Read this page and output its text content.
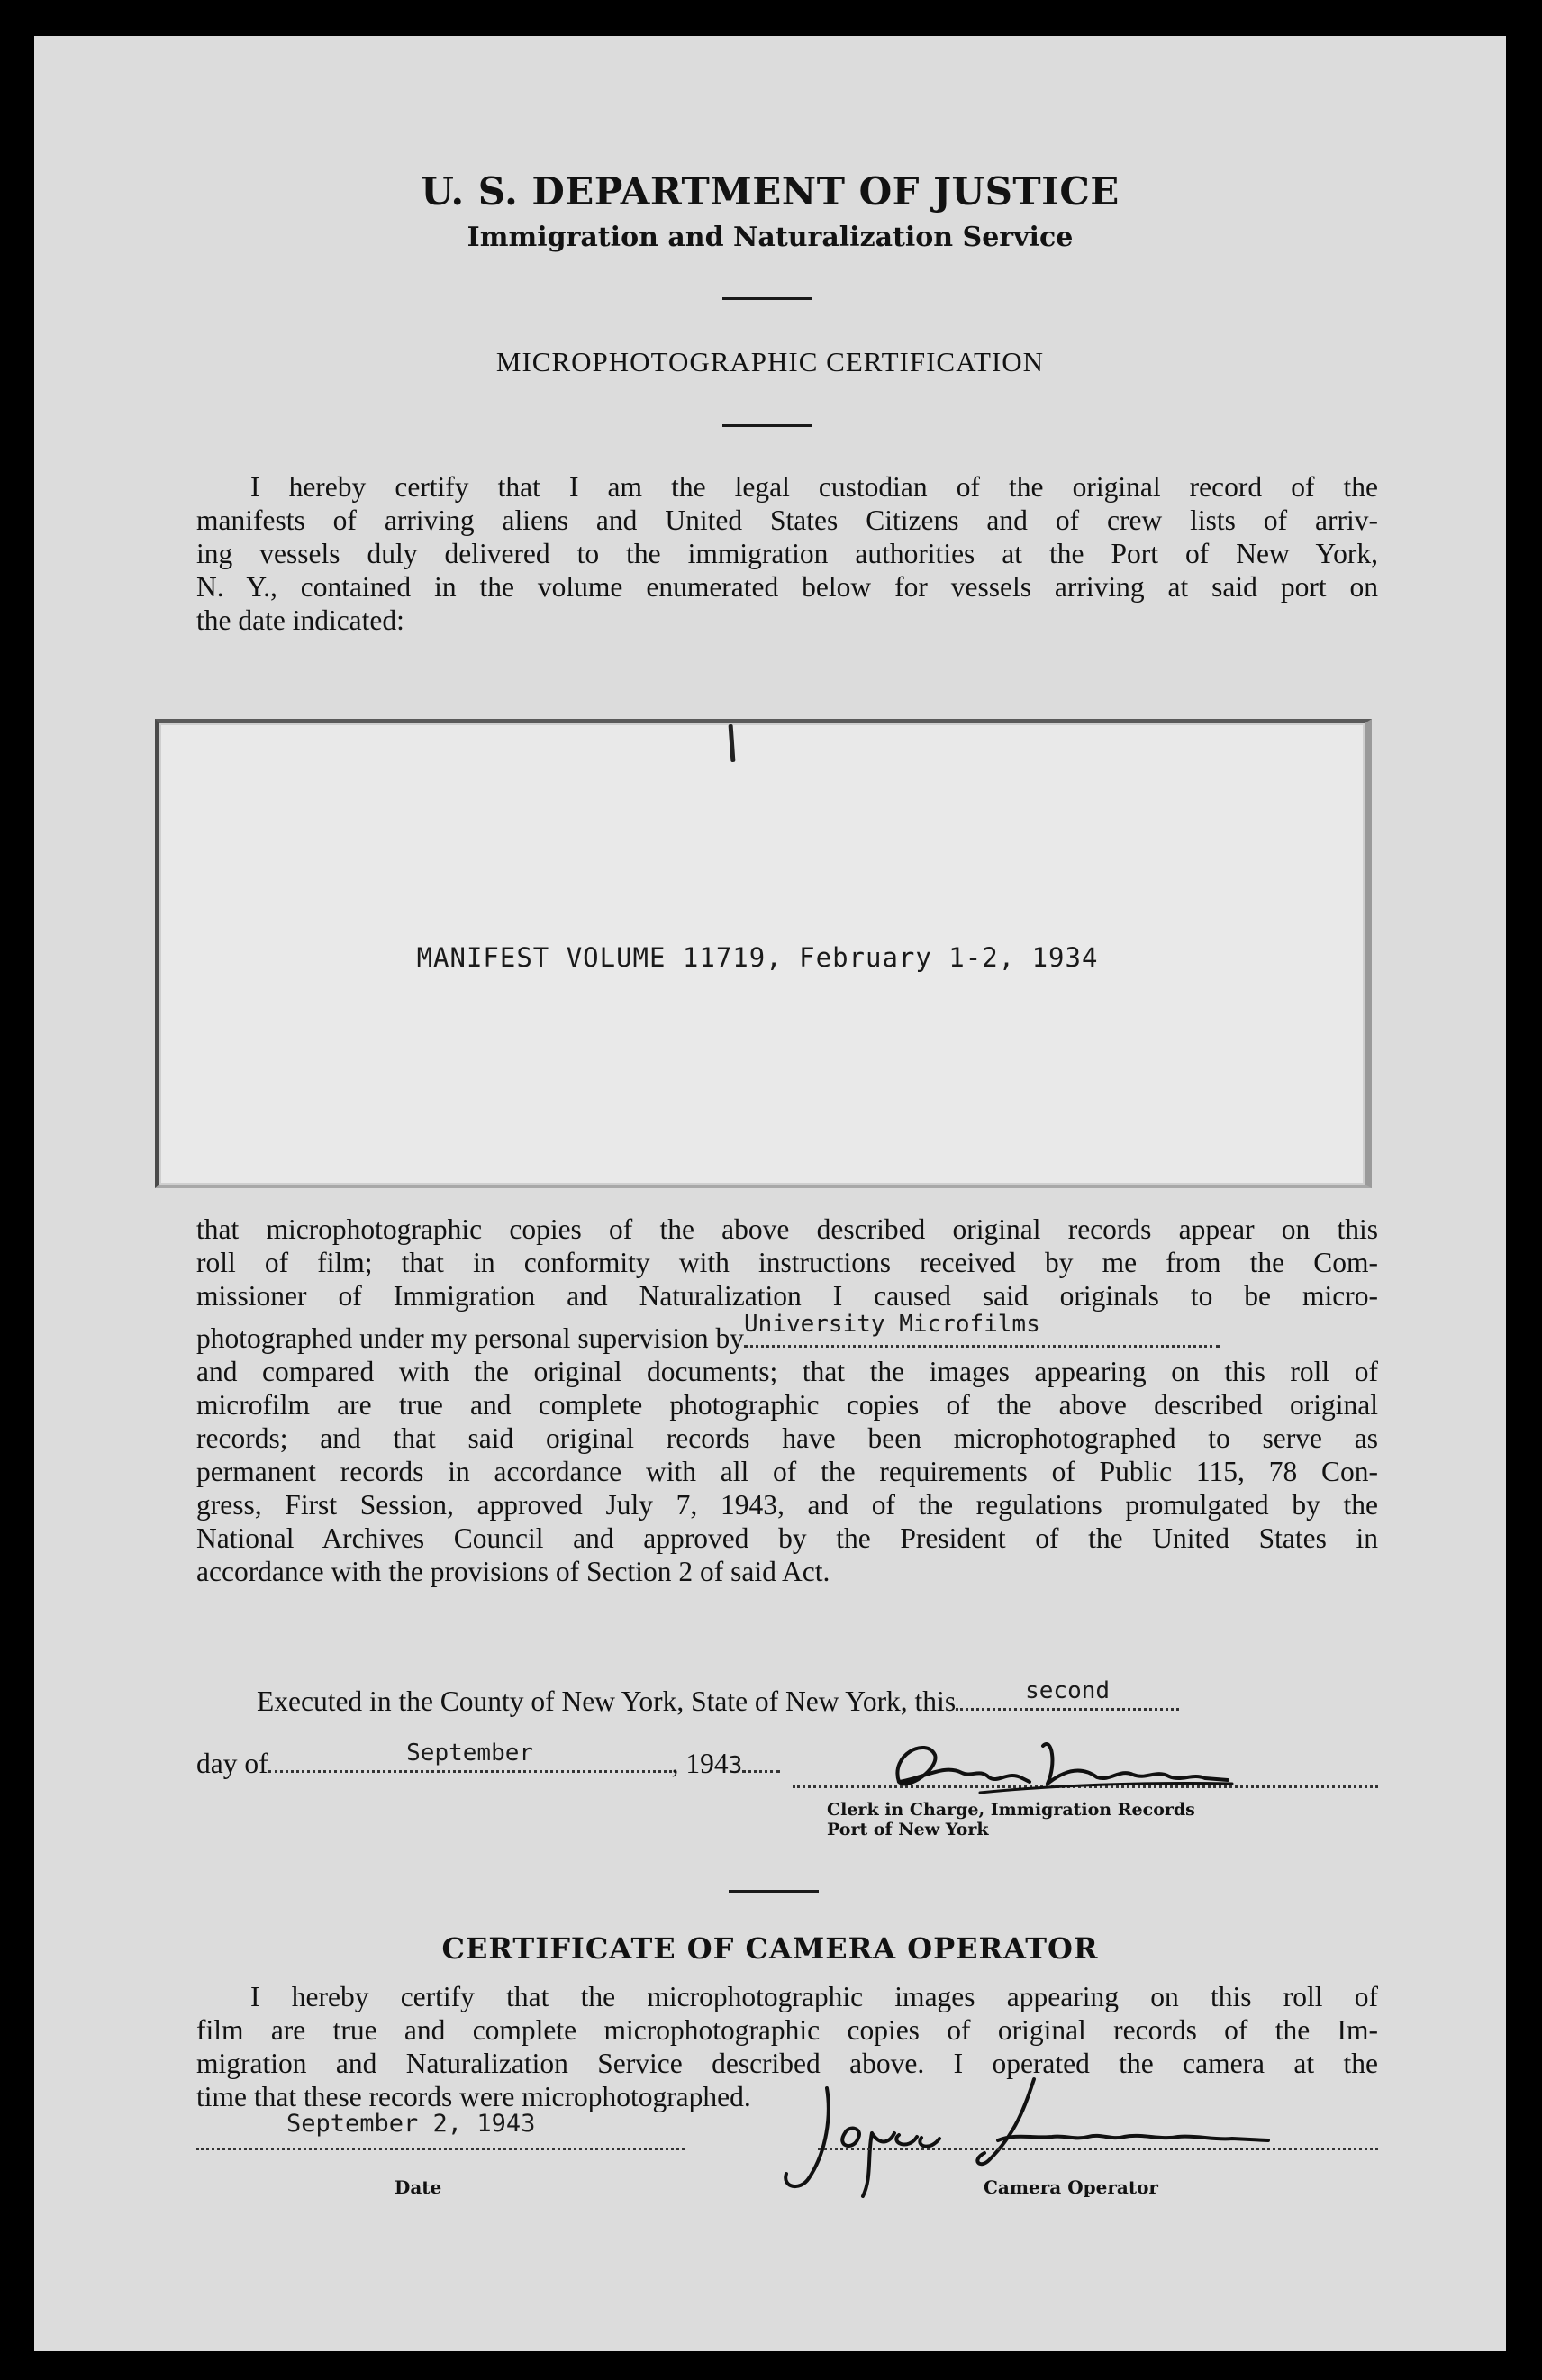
U. S. DEPARTMENT OF JUSTICE
Immigration and Naturalization Service
MICROPHOTOGRAPHIC CERTIFICATION
I hereby certify that I am the legal custodian of the original record of the
manifests of arriving aliens and United States Citizens and of crew lists of arriv-
ing vessels duly delivered to the immigration authorities at the Port of New York,
N. Y., contained in the volume enumerated below for vessels arriving at said port on
the date indicated:
MANIFEST VOLUME 11719, February 1-2, 1934
that microphotographic copies of the above described original records appear on this
roll of film; that in conformity with instructions received by me from the Com-
missioner of Immigration and Naturalization I caused said originals to be micro-
photographed under my personal supervision by University Microfilms
and compared with the original documents; that the images appearing on this roll of
microfilm are true and complete photographic copies of the above described original
records; and that said original records have been microphotographed to serve as
permanent records in accordance with all of the requirements of Public 115, 78 Con-
gress, First Session, approved July 7, 1943, and of the regulations promulgated by the
National Archives Council and approved by the President of the United States in
accordance with the provisions of Section 2 of said Act.
Executed in the County of New York, State of New York, this	second
day of	September	, 1943
Clerk in Charge, Immigration Records
Port of New York
CERTIFICATE OF CAMERA OPERATOR
I hereby certify that the microphotographic images appearing on this roll of
film are true and complete microphotographic copies of original records of the Im-
migration and Naturalization Service described above. I operated the camera at the
time that these records were microphotographed.
September 2, 1943
Date	Camera Operator
